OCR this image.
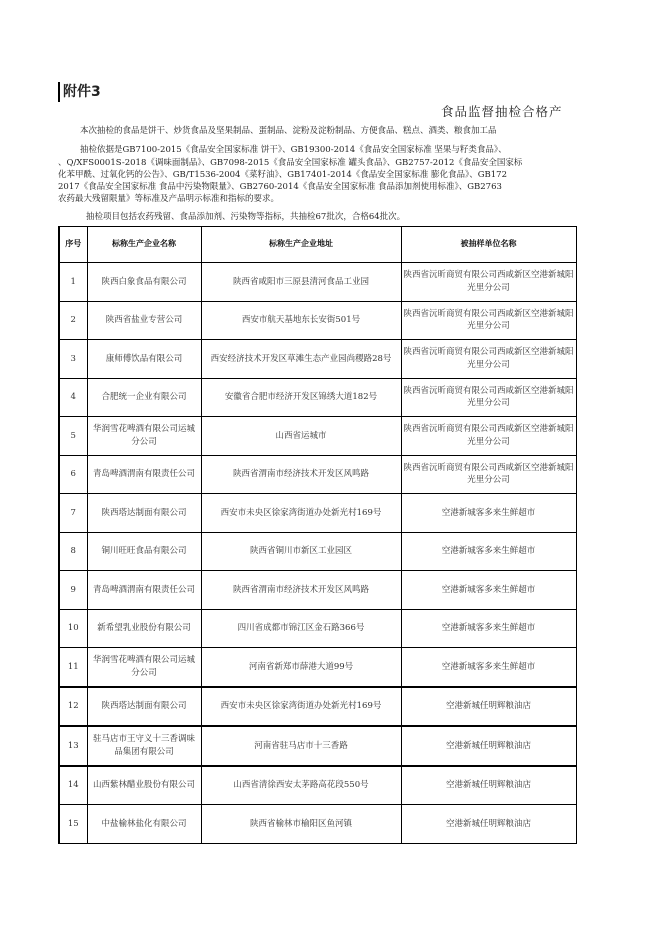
附件3
食品监督抽检合格产
本次抽检的食品是饼干、炒货食品及坚果制品、蛋制品、淀粉及淀粉制品、方便食品、糕点、酒类、粮食加工品
抽检依据是GB7100-2015《食品安全国家标准 饼干》、GB19300-2014《食品安全国家标准 坚果与籽类食品》、
、Q/XFS0001S-2018《调味面制品》、GB7098-2015《食品安全国家标准 罐头食品》、GB2757-2012《食品安全国家标
化苯甲酰、过氧化钙的公告》、GB/T1536-2004《菜籽油》、GB17401-2014《食品安全国家标准 膨化食品》、GB172
2017《食品安全国家标准 食品中污染物限量》、GB2760-2014《食品安全国家标准 食品添加剂使用标准》、GB2763
农药最大残留限量》等标准及产品明示标准和指标的要求。
抽检项目包括农药残留、食品添加剂、污染物等指标，共抽检67批次，合格64批次。
序号	标称生产企业名称	标称生产企业地址	被抽样单位名称
1	陕西白象食品有限公司	陕西省咸阳市三原县清河食品工业园	陕西省沅昕商贸有限公司西咸新区空港新城阳光里分公司
2	陕西省盐业专营公司	西安市航天基地东长安街501号	陕西省沅昕商贸有限公司西咸新区空港新城阳光里分公司
3	康师傅饮品有限公司	西安经济技术开发区草滩生态产业园尚稷路28号	陕西省沅昕商贸有限公司西咸新区空港新城阳光里分公司
4	合肥统一企业有限公司	安徽省合肥市经济开发区锦绣大道182号	陕西省沅昕商贸有限公司西咸新区空港新城阳光里分公司
5	华润雪花啤酒有限公司运城分公司	山西省运城市	陕西省沅昕商贸有限公司西咸新区空港新城阳光里分公司
6	青岛啤酒渭南有限责任公司	陕西省渭南市经济技术开发区风鸣路	陕西省沅昕商贸有限公司西咸新区空港新城阳光里分公司
7	陕西塔达制面有限公司	西安市未央区徐家湾街道办处新光村169号	空港新城客多来生鲜超市
8	铜川旺旺食品有限公司	陕西省铜川市新区工业园区	空港新城客多来生鲜超市
9	青岛啤酒渭南有限责任公司	陕西省渭南市经济技术开发区风鸣路	空港新城客多来生鲜超市
10	新希望乳业股份有限公司	四川省成都市锦江区金石路366号	空港新城客多来生鲜超市
11	华润雪花啤酒有限公司运城分公司	河南省新郑市薛港大道99号	空港新城客多来生鲜超市
12	陕西塔达制面有限公司	西安市未央区徐家湾街道办处新光村169号	空港新城任明辉粮油店
13	驻马店市王守义十三香调味品集团有限公司	河南省驻马店市十三香路	空港新城任明辉粮油店
14	山西紫林醋业股份有限公司	山西省清徐西安太茅路高花段550号	空港新城任明辉粮油店
15	中盐榆林盐化有限公司	陕西省榆林市榆阳区鱼河镇	空港新城任明辉粮油店
